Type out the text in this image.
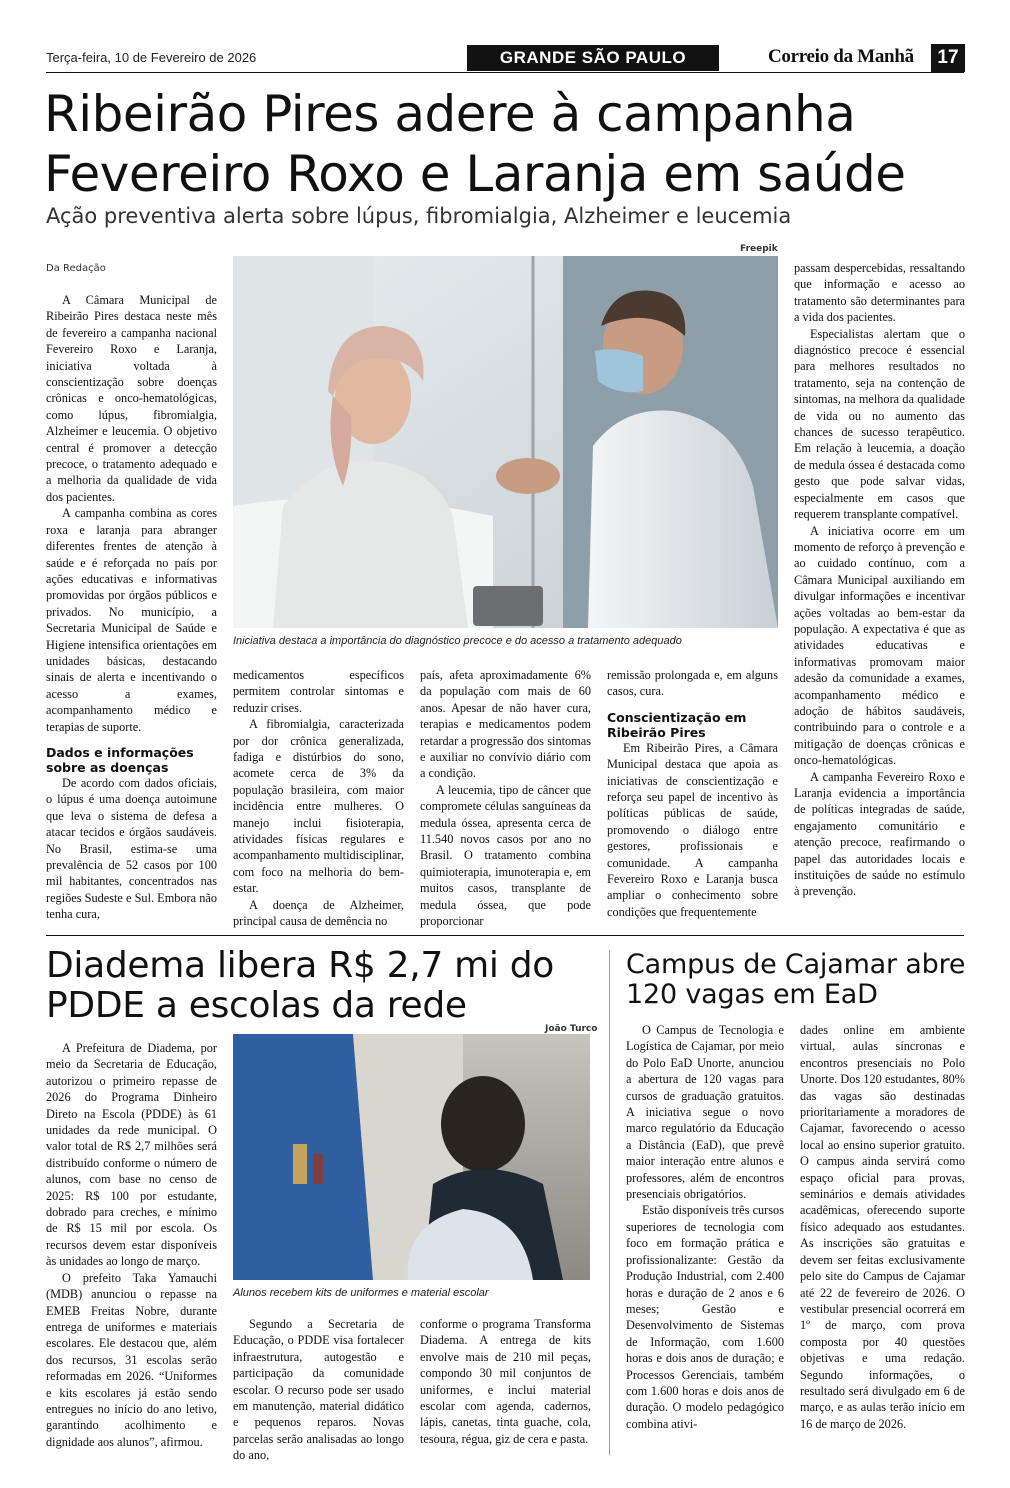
Terça-feira, 10 de Fevereiro de 2026	GRANDE SÃO PAULO	Correio da Manhã	17
Ribeirão Pires adere à campanha Fevereiro Roxo e Laranja em saúde
Ação preventiva alerta sobre lúpus, fibromialgia, Alzheimer e leucemia
Da Redação
Freepik

A Câmara Municipal de Ribeirão Pires destaca neste mês de fevereiro a campanha nacional Fevereiro Roxo e Laranja, iniciativa voltada à conscientização sobre doenças crônicas e onco-hematológicas, como lúpus, fibromialgia, Alzheimer e leucemia. O objetivo central é promover a detecção precoce, o tratamento adequado e a melhoria da qualidade de vida dos pacientes.

A campanha combina as cores roxa e laranja para abranger diferentes frentes de atenção à saúde e é reforçada no país por ações educativas e informativas promovidas por órgãos públicos e privados. No município, a Secretaria Municipal de Saúde e Higiene intensifica orientações em unidades básicas, destacando sinais de alerta e incentivando o acesso a exames, acompanhamento médico e terapias de suporte.

Dados e informações sobre as doenças

De acordo com dados oficiais, o lúpus é uma doença autoimune que leva o sistema de defesa a atacar tecidos e órgãos saudáveis. No Brasil, estima-se uma prevalência de 52 casos por 100 mil habitantes, concentrados nas regiões Sudeste e Sul. Embora não tenha cura,

Iniciativa destaca a importância do diagnóstico precoce e do acesso a tratamento adequado

medicamentos específicos permitem controlar sintomas e reduzir crises.

A fibromialgia, caracterizada por dor crônica generalizada, fadiga e distúrbios do sono, acomete cerca de 3% da população brasileira, com maior incidência entre mulheres. O manejo inclui fisioterapia, atividades físicas regulares e acompanhamento multidisciplinar, com foco na melhoria do bem-estar.

A doença de Alzheimer, principal causa de demência no

país, afeta aproximadamente 6% da população com mais de 60 anos. Apesar de não haver cura, terapias e medicamentos podem retardar a progressão dos sintomas e auxiliar no convívio diário com a condição.

A leucemia, tipo de câncer que compromete células sanguíneas da medula óssea, apresenta cerca de 11.540 novos casos por ano no Brasil. O tratamento combina quimioterapia, imunoterapia e, em muitos casos, transplante de medula óssea, que pode proporcionar

remissão prolongada e, em alguns casos, cura.

Conscientização em Ribeirão Pires

Em Ribeirão Pires, a Câmara Municipal destaca que apoia as iniciativas de conscientização e reforça seu papel de incentivo às políticas públicas de saúde, promovendo o diálogo entre gestores, profissionais e comunidade. A campanha Fevereiro Roxo e Laranja busca ampliar o conhecimento sobre condições que frequentemente

passam despercebidas, ressaltando que informação e acesso ao tratamento são determinantes para a vida dos pacientes.

Especialistas alertam que o diagnóstico precoce é essencial para melhores resultados no tratamento, seja na contenção de sintomas, na melhora da qualidade de vida ou no aumento das chances de sucesso terapêutico. Em relação à leucemia, a doação de medula óssea é destacada como gesto que pode salvar vidas, especialmente em casos que requerem transplante compatível.

A iniciativa ocorre em um momento de reforço à prevenção e ao cuidado contínuo, com a Câmara Municipal auxiliando em divulgar informações e incentivar ações voltadas ao bem-estar da população. A expectativa é que as atividades educativas e informativas promovam maior adesão da comunidade a exames, acompanhamento médico e adoção de hábitos saudáveis, contribuindo para o controle e a mitigação de doenças crônicas e onco-hematológicas.

A campanha Fevereiro Roxo e Laranja evidencia a importância de políticas integradas de saúde, engajamento comunitário e atenção precoce, reafirmando o papel das autoridades locais e instituições de saúde no estímulo à prevenção.

Diadema libera R$ 2,7 mi do PDDE a escolas da rede
João Turco

A Prefeitura de Diadema, por meio da Secretaria de Educação, autorizou o primeiro repasse de 2026 do Programa Dinheiro Direto na Escola (PDDE) às 61 unidades da rede municipal. O valor total de R$ 2,7 milhões será distribuído conforme o número de alunos, com base no censo de 2025: R$ 100 por estudante, dobrado para creches, e mínimo de R$ 15 mil por escola. Os recursos devem estar disponíveis às unidades ao longo de março.

O prefeito Taka Yamauchi (MDB) anunciou o repasse na EMEB Freitas Nobre, durante entrega de uniformes e materiais escolares. Ele destacou que, além dos recursos, 31 escolas serão reformadas em 2026. “Uniformes e kits escolares já estão sendo entregues no início do ano letivo, garantindo acolhimento e dignidade aos alunos”, afirmou.

Alunos recebem kits de uniformes e material escolar

Segundo a Secretaria de Educação, o PDDE visa fortalecer infraestrutura, autogestão e participação da comunidade escolar. O recurso pode ser usado em manutenção, material didático e pequenos reparos. Novas parcelas serão analisadas ao longo do ano,

conforme o programa Transforma Diadema. A entrega de kits envolve mais de 210 mil peças, compondo 30 mil conjuntos de uniformes, e inclui material escolar com agenda, cadernos, lápis, canetas, tinta guache, cola, tesoura, régua, giz de cera e pasta.

Campus de Cajamar abre 120 vagas em EaD

O Campus de Tecnologia e Logística de Cajamar, por meio do Polo EaD Unorte, anunciou a abertura de 120 vagas para cursos de graduação gratuitos. A iniciativa segue o novo marco regulatório da Educação a Distância (EaD), que prevê maior interação entre alunos e professores, além de encontros presenciais obrigatórios.

Estão disponíveis três cursos superiores de tecnologia com foco em formação prática e profissionalizante: Gestão da Produção Industrial, com 2.400 horas e duração de 2 anos e 6 meses; Gestão e Desenvolvimento de Sistemas de Informação, com 1.600 horas e dois anos de duração; e Processos Gerenciais, também com 1.600 horas e dois anos de duração. O modelo pedagógico combina ativi-

dades online em ambiente virtual, aulas síncronas e encontros presenciais no Polo Unorte. Dos 120 estudantes, 80% das vagas são destinadas prioritariamente a moradores de Cajamar, favorecendo o acesso local ao ensino superior gratuito. O campus ainda servirá como espaço oficial para provas, seminários e demais atividades acadêmicas, oferecendo suporte físico adequado aos estudantes. As inscrições são gratuitas e devem ser feitas exclusivamente pelo site do Campus de Cajamar até 22 de fevereiro de 2026. O vestibular presencial ocorrerá em 1º de março, com prova composta por 40 questões objetivas e uma redação. Segundo informações, o resultado será divulgado em 6 de março, e as aulas terão início em 16 de março de 2026.
